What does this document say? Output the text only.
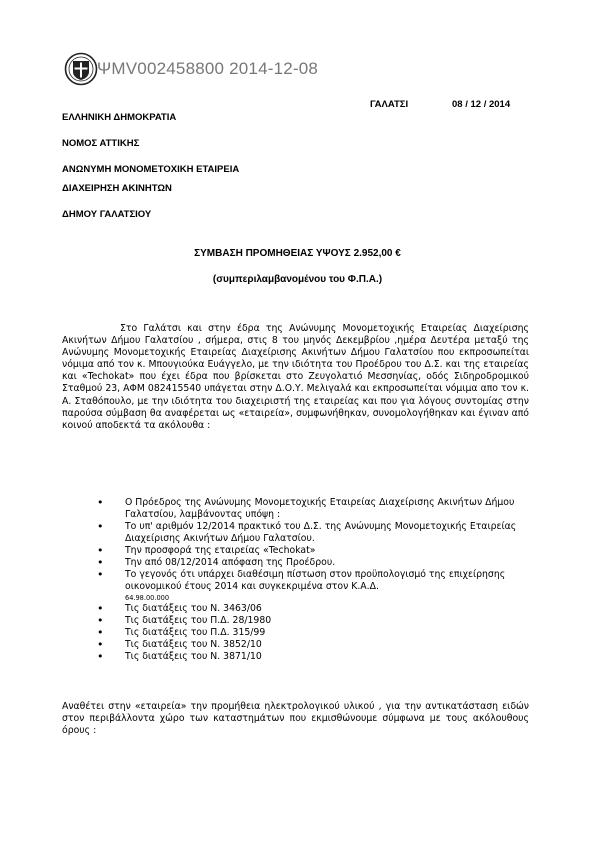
ΨΜV002458800 2014-12-08
ΓΑΛΑΤΣΙ	08 / 12 / 2014
ΕΛΛΗΝΙΚΗ ΔΗΜΟΚΡΑΤΙΑ
ΝΟΜΟΣ ΑΤΤΙΚΗΣ
ΑΝΩΝΥΜΗ ΜΟΝΟΜΕΤΟΧΙΚΗ ΕΤΑΙΡΕΙΑ
ΔΙΑΧΕΙΡΗΣΗ ΑΚΙΝΗΤΩΝ
ΔΗΜΟΥ ΓΑΛΑΤΣΙΟΥ
ΣΥΜΒΑΣΗ ΠΡΟΜΗΘΕΙΑΣ ΥΨΟΥΣ 2.952,00 €
(συμπεριλαμβανομένου του Φ.Π.Α.)

Στο Γαλάτσι και στην έδρα της Ανώνυμης Μονομετοχικής Εταιρείας Διαχείρισης Ακινήτων Δήμου Γαλατσίου , σήμερα, στις 8 του μηνός Δεκεμβρίου ,ημέρα Δευτέρα μεταξύ της Ανώνυμης Μονομετοχικής Εταιρείας Διαχείρισης Ακινήτων Δήμου Γαλατσίου που εκπροσωπείται νόμιμα από τον κ. Μπουγιούκα Ευάγγελο, με την ιδιότητα του Προέδρου του Δ.Σ. και της εταιρείας και «Techokat» που έχει έδρα που βρίσκεται στο Ζευγολατιό Μεσσηνίας, οδός Σιδηροδρομικού Σταθμού 23, ΑΦΜ 082415540 υπάγεται στην Δ.Ο.Υ. Μελιγαλά και εκπροσωπείται νόμιμα απο τον κ. Α. Σταθόπουλο, με την ιδιότητα του διαχειριστή της εταιρείας και που για λόγους συντομίας στην παρούσα σύμβαση θα αναφέρεται ως «εταιρεία», συμφωνήθηκαν, συνομολογήθηκαν και έγιναν από κοινού αποδεκτά τα ακόλουθα :

• Ο Πρόεδρος της Ανώνυμης Μονομετοχικής Εταιρείας Διαχείρισης Ακινήτων Δήμου Γαλατσίου, λαμβάνοντας υπόψη :
• Το υπ' αριθμόν 12/2014 πρακτικό του Δ.Σ. της Ανώνυμης Μονομετοχικής Εταιρείας Διαχείρισης Ακινήτων Δήμου Γαλατσίου.
• Την προσφορά της εταιρείας «Techokat»
• Την από 08/12/2014 απόφαση της Προέδρου.
• Το γεγονός ότι υπάρχει διαθέσιμη πίστωση στον προϋπολογισμό της επιχείρησης οικονομικού έτους 2014 και συγκεκριμένα στον Κ.Α.Δ.
64.98.00.000
• Τις διατάξεις του Ν. 3463/06
• Τις διατάξεις του Π.Δ. 28/1980
• Τις διατάξεις του Π.Δ. 315/99
• Τις διατάξεις του Ν. 3852/10
• Τις διατάξεις του Ν. 3871/10

Αναθέτει στην «εταιρεία» την προμήθεια ηλεκτρολογικού υλικού , για την αντικατάσταση ειδών στον περιβάλλοντα χώρο των καταστημάτων που εκμισθώνουμε σύμφωνα με τους ακόλουθους όρους :
